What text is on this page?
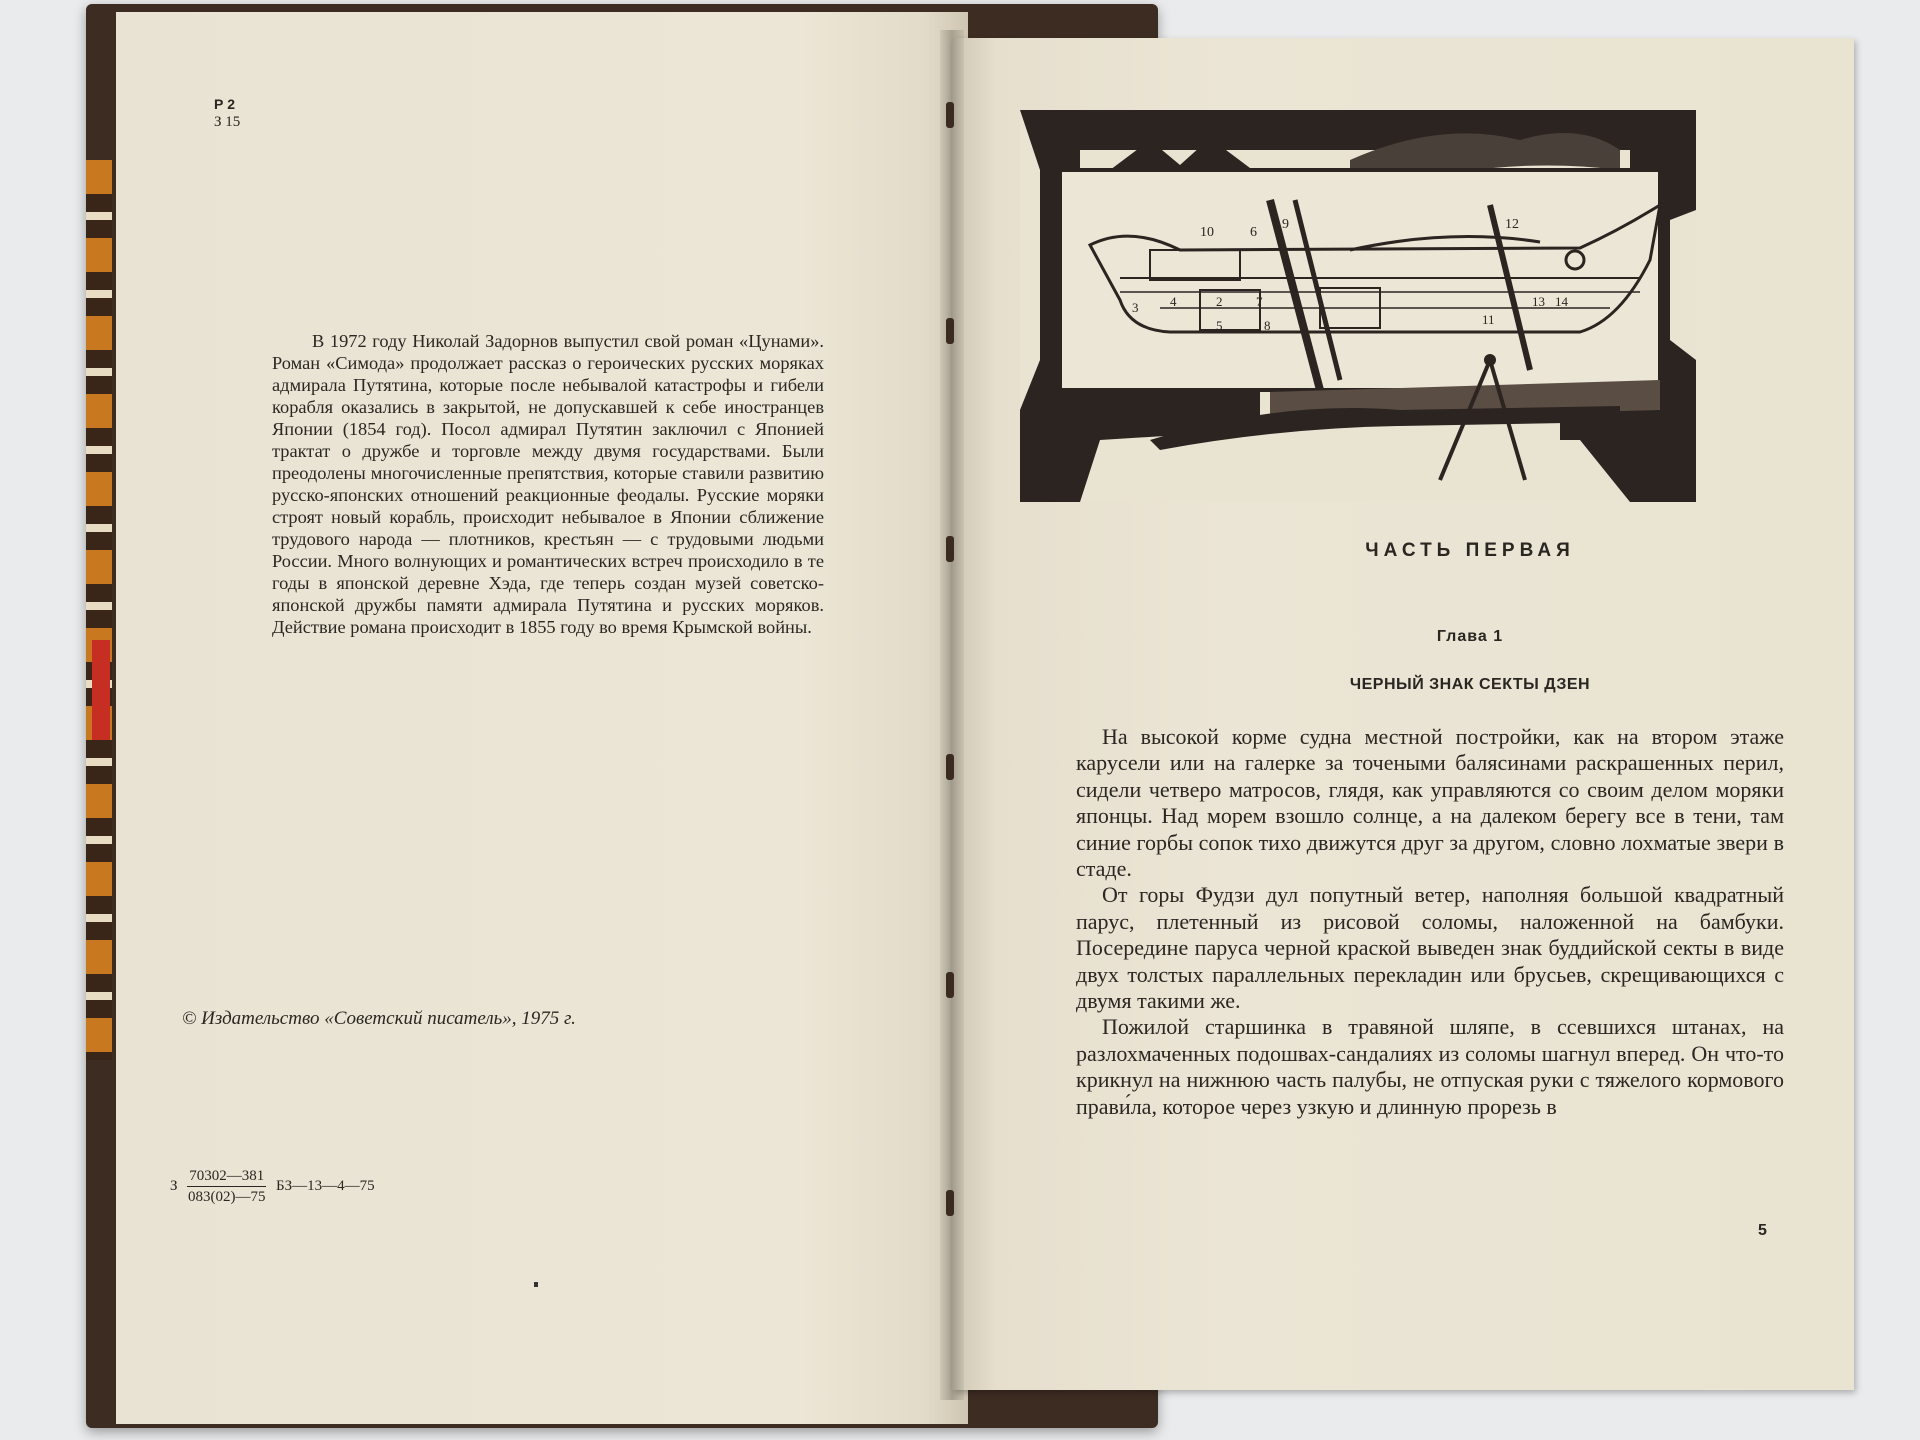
Р 2
З 15
В 1972 году Николай Задорнов выпустил свой роман «Цунами». Роман «Симода» продолжает рассказ о героических русских моряках адмирала Путятина, которые после небывалой катастрофы и гибели корабля оказались в закрытой, не допускавшей к себе иностранцев Японии (1854 год). Посол адмирал Путятин заключил с Японией трактат о дружбе и торговле между двумя государствами. Были преодолены многочисленные препятствия, которые ставили развитию русско-японских отношений реакционные феодалы. Русские моряки строят новый корабль, происходит небывалое в Японии сближение трудового народа — плотников, крестьян — с трудовыми людьми России. Много волнующих и романтических встреч происходило в те годы в японской деревне Хэда, где теперь создан музей советско-японской дружбы памяти адмирала Путятина и русских моряков. Действие романа происходит в 1855 году во время Крымской войны.
© Издательство «Советский писатель», 1975 г.
З $\frac{70302—381}{083(02)—75}$ БЗ—13—4—75
10	6
9	12
3 4	2	7
5	8	11
13 14
ЧАСТЬ ПЕРВАЯ
Глава 1
ЧЕРНЫЙ ЗНАК СЕКТЫ ДЗЕН

На высокой корме судна местной постройки, как на втором этаже карусели или на галерке за точеными балясинами раскрашенных перил, сидели четверо матросов, глядя, как управляются со своим делом моряки японцы. Над морем взошло солнце, а на далеком берегу все в тени, там синие горбы сопок тихо движутся друг за другом, словно лохматые звери в стаде.

От горы Фудзи дул попутный ветер, наполняя большой квадратный парус, плетенный из рисовой соломы, наложенной на бамбуки. Посередине паруса черной краской выведен знак буддийской секты в виде двух толстых параллельных перекладин или брусьев, скрещивающихся с двумя такими же.

Пожилой старшинка в травяной шляпе, в ссевшихся штанах, на разлохмаченных подошвах-сандалиях из соломы шагнул вперед. Он что-то крикнул на нижнюю часть палубы, не отпуская руки с тяжелого кормового прави́ла, которое через узкую и длинную прорезь в

5
